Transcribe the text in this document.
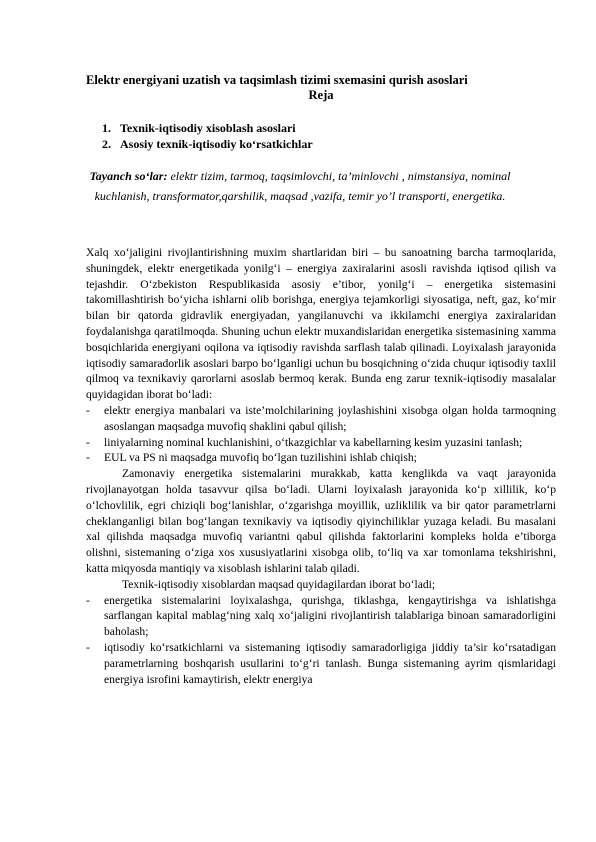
Elektr energiyani uzatish va taqsimlash tizimi sxemasini qurish asoslari
Reja
1. Texnik-iqtisodiy xisoblash asoslari
2. Asosiy texnik-iqtisodiy ko‘rsatkichlar
Tayanch so‘lar: elektr tizim, tarmoq, taqsimlovchi, ta’minlovchi , nimstansiya, nominal kuchlanish, transformator,qarshilik, maqsad ,vazifa, temir yo’l transporti, energetika.

Xalq xo‘jaligini rivojlantirishning muxim shartlaridan biri – bu sanoatning barcha tarmoqlarida, shuningdek, elektr energetikada yonilg‘i – energiya zaxiralarini asosli ravishda iqtisod qilish va tejashdir. O‘zbekiston Respublikasida asosiy e’tibor, yonilg‘i – energetika sistemasini takomillashtirish bo‘yicha ishlarni olib borishga, energiya tejamkorligi siyosatiga, neft, gaz, ko‘mir bilan bir qatorda gidravlik energiyadan, yangilanuvchi va ikkilamchi energiya zaxiralaridan foydalanishga qaratilmoqda. Shuning uchun elektr muxandislaridan energetika sistemasining xamma bosqichlarida energiyani oqilona va iqtisodiy ravishda sarflash talab qilinadi. Loyixalash jarayonida iqtisodiy samaradorlik asoslari barpo bo‘lganligi uchun bu bosqichning o‘zida chuqur iqtisodiy taxlil qilmoq va texnikaviy qarorlarni asoslab bermoq kerak. Bunda eng zarur texnik-iqtisodiy masalalar quyidagidan iborat bo‘ladi:

- elektr energiya manbalari va iste’molchilarining joylashishini xisobga olgan holda tarmoqning asoslangan maqsadga muvofiq shaklini qabul qilish;

- liniyalarning nominal kuchlanishini, o‘tkazgichlar va kabellarning kesim yuzasini tanlash;

- EUL va PS ni maqsadga muvofiq bo‘lgan tuzilishini ishlab chiqish;

Zamonaviy energetika sistemalarini murakkab, katta kenglikda va vaqt jarayonida rivojlanayotgan holda tasavvur qilsa bo‘ladi. Ularni loyixalash jarayonida ko‘p xillilik, ko‘p o‘lchovlilik, egri chiziqli bog‘lanishlar, o‘zgarishga moyillik, uzliklilik va bir qator parametrlarni cheklanganligi bilan bog‘langan texnikaviy va iqtisodiy qiyinchiliklar yuzaga keladi. Bu masalani xal qilishda maqsadga muvofiq variantni qabul qilishda faktorlarini kompleks holda e’tiborga olishni, sistemaning o‘ziga xos xususiyatlarini xisobga olib, to‘liq va xar tomonlama tekshirishni, katta miqyosda mantiqiy va xisoblash ishlarini talab qiladi.

Texnik-iqtisodiy xisoblardan maqsad quyidagilardan iborat bo‘ladi;

- energetika sistemalarini loyixalashga, qurishga, tiklashga, kengaytirishga va ishlatishga sarflangan kapital mablag‘ning xalq xo‘jaligini rivojlantirish talablariga binoan samaradorligini baholash;

- iqtisodiy ko‘rsatkichlarni va sistemaning iqtisodiy samaradorligiga jiddiy ta’sir ko‘rsatadigan parametrlarning boshqarish usullarini to‘g‘ri tanlash. Bunga sistemaning ayrim qismlaridagi energiya isrofini kamaytirish, elektr energiya
